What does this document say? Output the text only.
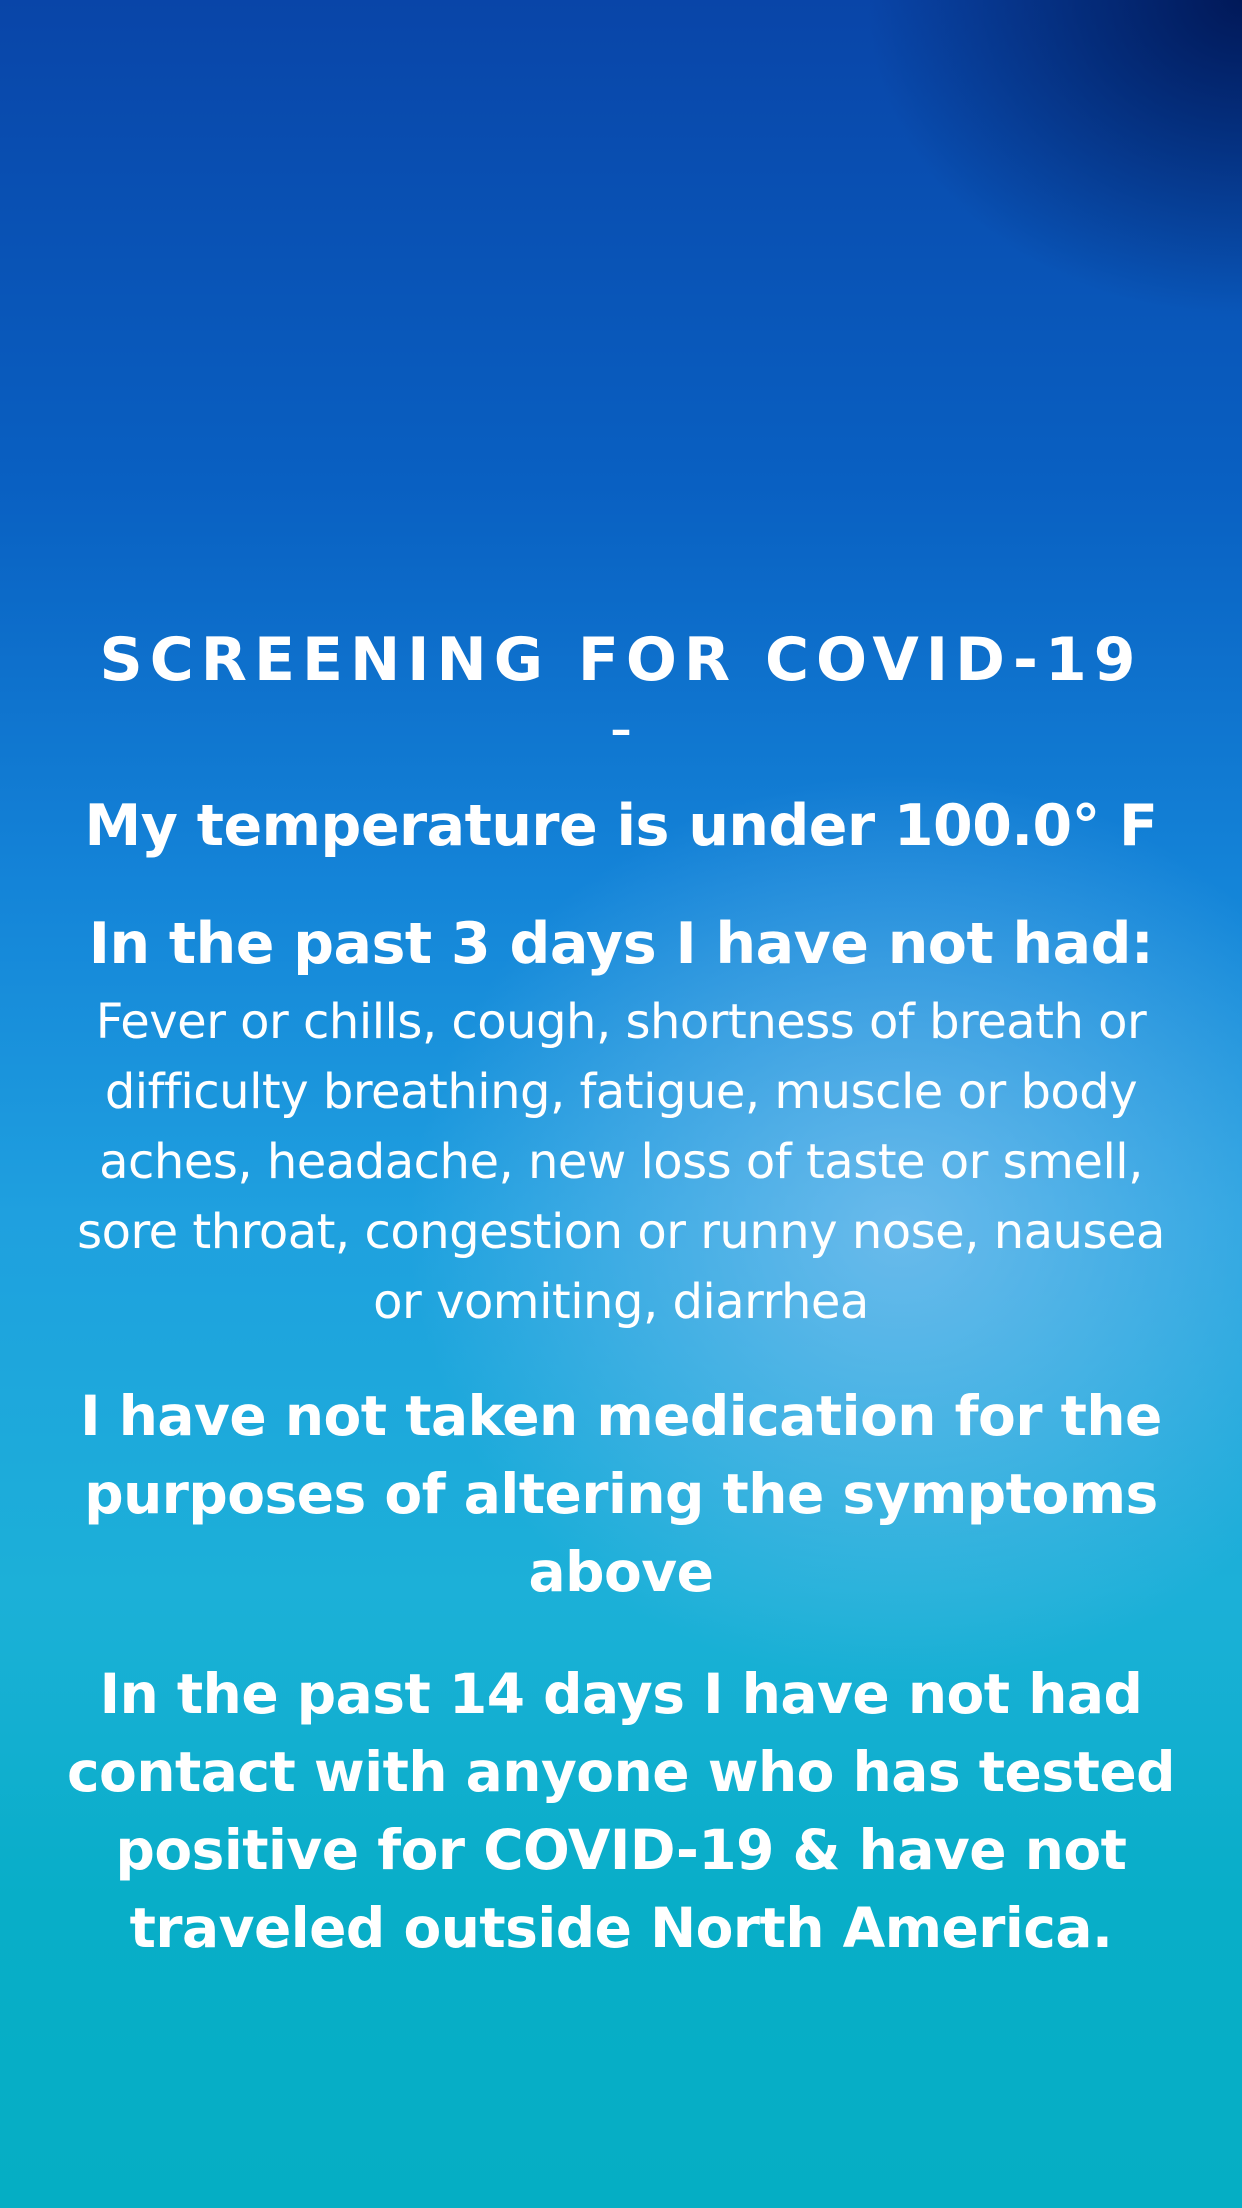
SCREENING FOR COVID-19
–
My temperature is under 100.0° F
In the past 3 days I have not had:
Fever or chills, cough, shortness of breath or difficulty breathing, fatigue, muscle or body aches, headache, new loss of taste or smell, sore throat, congestion or runny nose, nausea or vomiting, diarrhea
I have not taken medication for the purposes of altering the symptoms above
In the past 14 days I have not had contact with anyone who has tested positive for COVID-19 & have not traveled outside North America.
